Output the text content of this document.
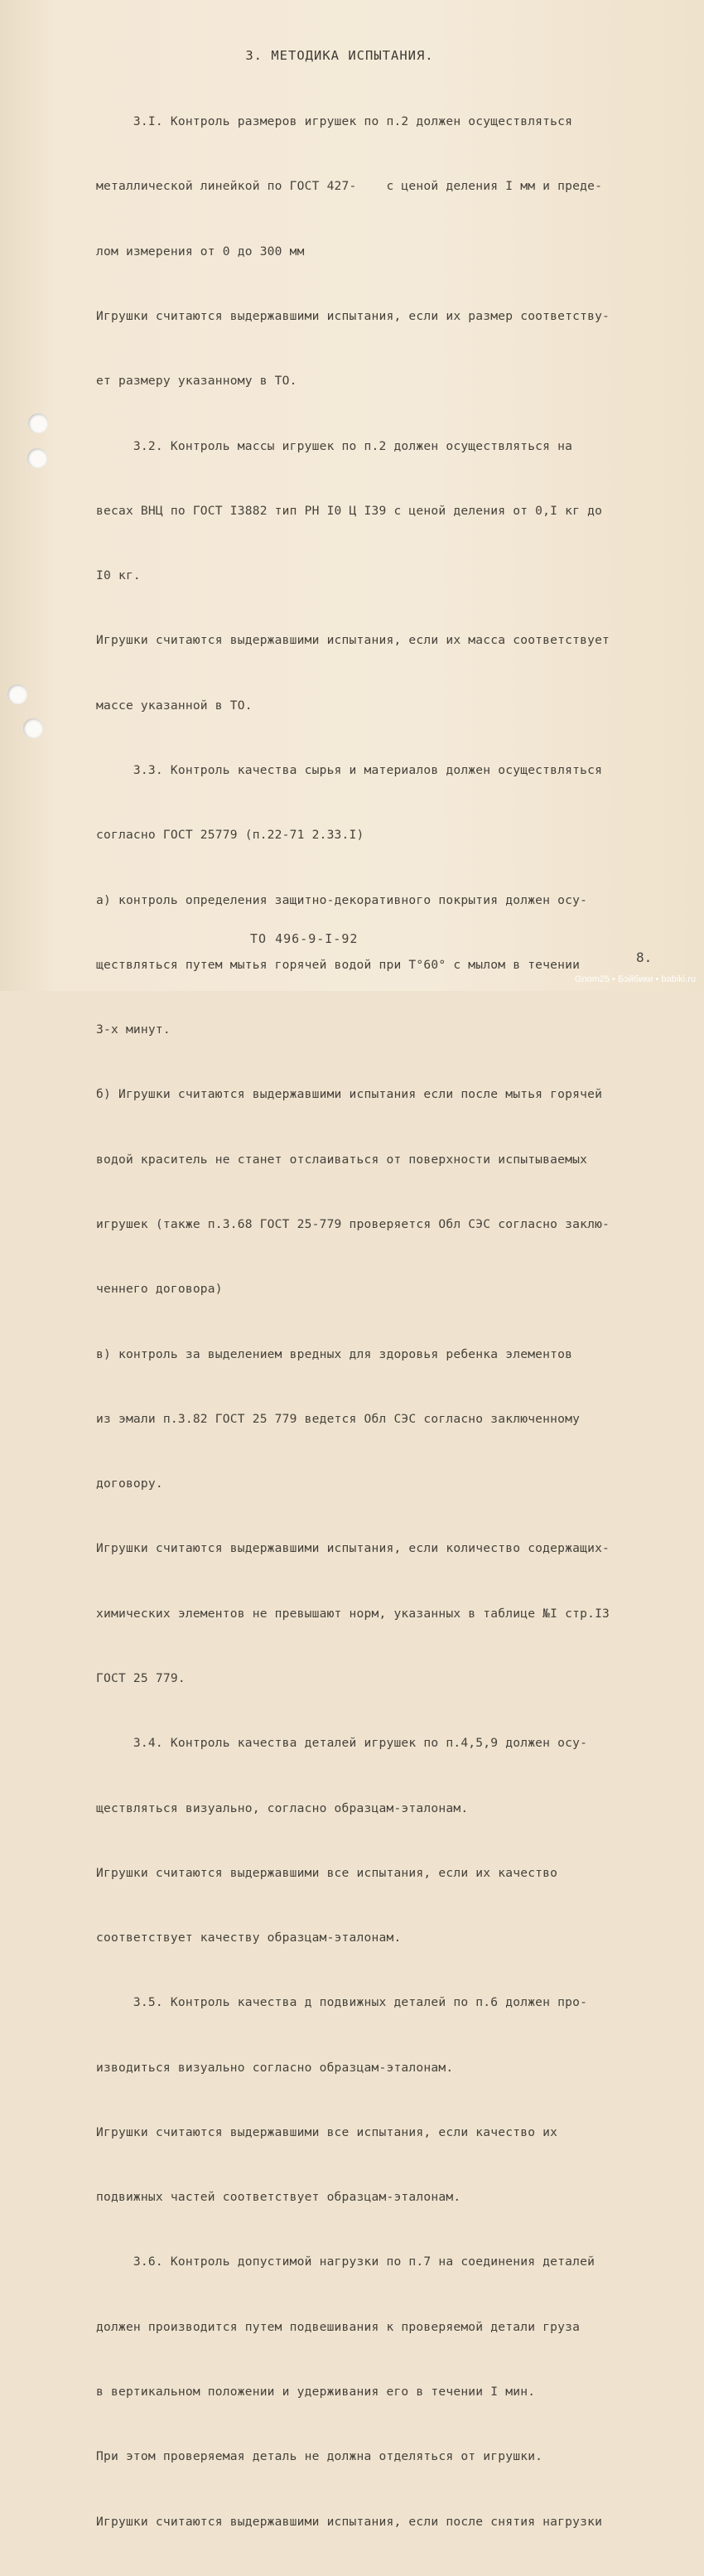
3. МЕТОДИКА ИСПЫТАНИЯ.

3.I. Контроль размеров игрушек по п.2 должен осуществляться

металлической линейкой по ГОСТ 427-    с ценой деления I мм и преде-

лом измерения от 0 до 300 мм

Игрушки считаются выдержавшими испытания, если их размер соответству-

ет размеру указанному в ТО.

3.2. Контроль массы игрушек по п.2 должен осуществляться на

весах ВНЦ по ГОСТ I3882 тип РН I0 Ц I39 с ценой деления от 0,I кг до

I0 кг.

Игрушки считаются выдержавшими испытания, если их масса соответствует

массе указанной в ТО.

3.3. Контроль качества сырья и материалов должен осуществляться

согласно ГОСТ 25779 (п.22-71 2.33.I)

а) контроль определения защитно-декоративного покрытия должен осу-

ществляться путем мытья горячей водой при Т°60° с мылом в течении

3-х минут.

б) Игрушки считаются выдержавшими испытания если после мытья горячей

водой краситель не станет отслаиваться от поверхности испытываемых

игрушек (также п.3.68 ГОСТ 25-779 проверяется Обл СЭС согласно заклю-

ченнего договора)

в) контроль за выделением вредных для здоровья ребенка элементов

из эмали п.3.82 ГОСТ 25 779 ведется Обл СЭС согласно заключенному

договору.

Игрушки считаются выдержавшими испытания, если количество содержащих-

химических элементов не превышают норм, указанных в таблице №I стр.I3

ГОСТ 25 779.

3.4. Контроль качества деталей игрушек по п.4,5,9 должен осу-

ществляться визуально, согласно образцам-эталонам.

Игрушки считаются выдержавшими все испытания, если их качество

соответствует качеству образцам-эталонам.

3.5. Контроль качества д подвижных деталей по п.6 должен про-

изводиться визуально согласно образцам-эталонам.

Игрушки считаются выдержавшими все испытания, если качество их

подвижных частей соответствует образцам-эталонам.

3.6. Контроль допустимой нагрузки по п.7 на соединения деталей

должен производится путем подвешивания к проверяемой детали груза

в вертикальном положении и удерживания его в течении I мин.

При этом проверяемая деталь не должна отделяться от игрушки.

Игрушки считаются выдержавшими испытания, если после снятия нагрузки

ТО 496-9-I-92
8.
Gnom25 • Бэйбики • babiki.ru
